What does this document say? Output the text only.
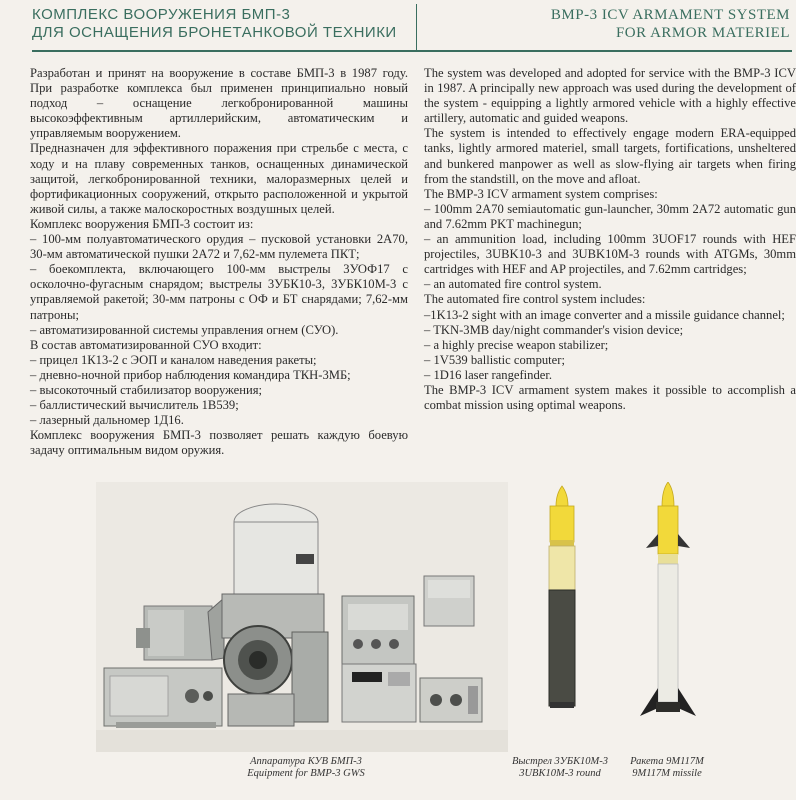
КОМПЛЕКС ВООРУЖЕНИЯ БМП-3
ДЛЯ ОСНАЩЕНИЯ БРОНЕТАНКОВОЙ ТЕХНИКИ
BMP-3 ICV ARMAMENT SYSTEM
FOR ARMOR MATERIEL

Разработан и принят на вооружение в составе БМП-3 в 1987 году. При разработке комплекса был применен принципиально новый подход – оснащение легкобронированной машины высокоэффективным артиллерийским, автоматическим и управляемым вооружением.

Предназначен для эффективного поражения при стрельбе с места, с ходу и на плаву современных танков, оснащенных динамической защитой, легкобронированной техники, малоразмерных целей и фортификационных сооружений, открыто расположенной и укрытой живой силы, а также малоскоростных воздушных целей.

Комплекс вооружения БМП-3 состоит из:

– 100-мм полуавтоматического орудия – пусковой установки 2А70, 30-мм автоматической пушки 2А72 и 7,62-мм пулемета ПКТ;

– боекомплекта, включающего 100-мм выстрелы 3УОФ17 с осколочно-фугасным снарядом; выстрелы 3УБК10-3, 3УБК10М-3 с управляемой ракетой; 30-мм патроны с ОФ и БТ снарядами; 7,62-мм патроны;

– автоматизированной системы управления огнем (СУО).

В состав автоматизированной СУО входит:

– прицел 1К13-2 с ЭОП и каналом наведения ракеты;

– дневно-ночной прибор наблюдения командира ТКН-3МБ;

– высокоточный стабилизатор вооружения;

– баллистический вычислитель 1В539;

– лазерный дальномер 1Д16.

Комплекс вооружения БМП-3 позволяет решать каждую боевую задачу оптимальным видом оружия.

The system was developed and adopted for service with the BMP-3 ICV in 1987. A principally new approach was used during the development of the system - equipping a lightly armored vehicle with a highly effective artillery, automatic and guided weapons.

The system is intended to effectively engage modern ERA-equipped tanks, lightly armored materiel, small targets, fortifications, unsheltered and bunkered manpower as well as slow-flying air targets when firing from the standstill, on the move and afloat.

The BMP-3 ICV armament system comprises:

– 100mm 2A70 semiautomatic gun-launcher, 30mm 2A72 automatic gun and 7.62mm PKT machinegun;

– an ammunition load, including 100mm 3UOF17 rounds with HEF projectiles, 3UBK10-3 and 3UBK10M-3 rounds with ATGMs, 30mm cartridges with HEF and AP projectiles, and 7.62mm cartridges;

– an automated fire control system.

The automated fire control system includes:

–1K13-2 sight with an image converter and a missile guidance channel;

– TKN-3MB day/night commander's vision device;

– a highly precise weapon stabilizer;

– 1V539 ballistic computer;

– 1D16 laser rangefinder.

The BMP-3 ICV armament system makes it possible to accomplish a combat mission using optimal weapons.

Аппаратура КУВ БМП-3
Equipment for BMP-3 GWS
Выстрел 3УБК10М-3
3UBK10M-3 round
Ракета 9М117М
9M117M missile
